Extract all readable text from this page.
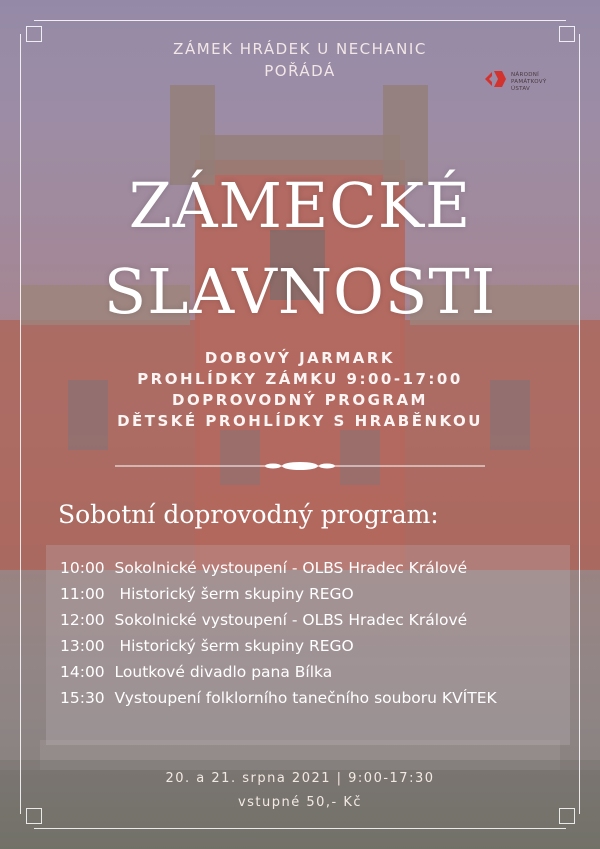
ZÁMEK HRÁDEK U NECHANIC
POŘÁDÁ	NÁRODNÍ
PAMÁTKOVÝ
ÚSTAV
ZÁMECKÉ
SLAVNOSTI
DOBOVÝ JARMARK
PROHLÍDKY ZÁMKU 9:00-17:00
DOPROVODNÝ PROGRAM
DĚTSKÉ PROHLÍDKY S HRABĚNKOU
Sobotní doprovodný program:
10:00 Sokolnické vystoupení - OLBS Hradec Králové
11:00 Historický šerm skupiny REGO
12:00 Sokolnické vystoupení - OLBS Hradec Králové
13:00 Historický šerm skupiny REGO
14:00 Loutkové divadlo pana Bílka
15:30 Vystoupení folklorního tanečního souboru KVÍTEK
20. a 21. srpna 2021 | 9:00-17:30
vstupné 50,- Kč
